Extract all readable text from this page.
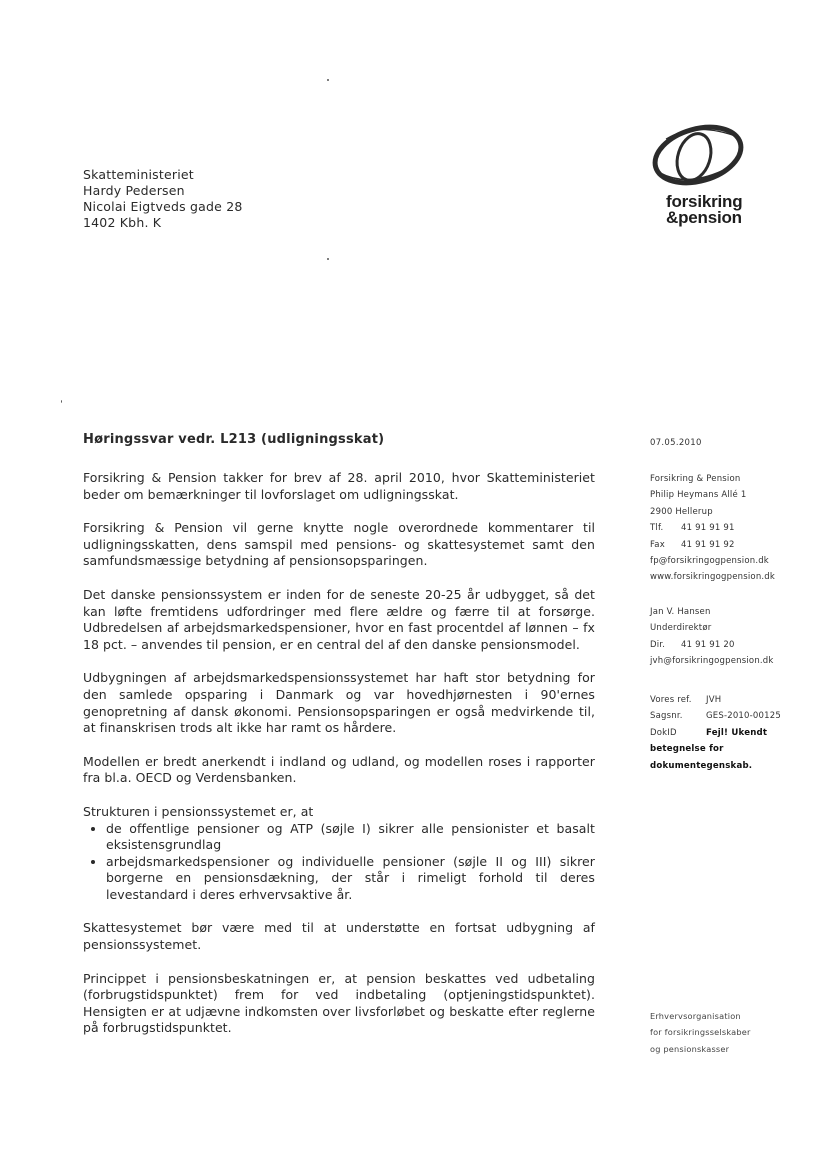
Skatteministeriet
Hardy Pedersen
Nicolai Eigtveds gade 28
1402 Kbh. K
forsikring
&pension
Høringssvar vedr. L213 (udligningsskat)	07.05.2010

Forsikring & Pension takker for brev af 28. april 2010, hvor Skatteministeriet beder om bemærkninger til lovforslaget om udligningsskat.

Forsikring & Pension vil gerne knytte nogle overordnede kommentarer til udligningsskatten, dens samspil med pensions- og skattesystemet samt den samfundsmæssige betydning af pensionsopsparingen.

Det danske pensionssystem er inden for de seneste 20-25 år udbygget, så det kan løfte fremtidens udfordringer med flere ældre og færre til at forsørge. Udbredelsen af arbejdsmarkedspensioner, hvor en fast procentdel af lønnen – fx 18 pct. – anvendes til pension, er en central del af den danske pensionsmodel.

Udbygningen af arbejdsmarkedspensionssystemet har haft stor betydning for den samlede opsparing i Danmark og var hovedhjørnesten i 90'ernes genopretning af dansk økonomi. Pensionsopsparingen er også medvirkende til, at finanskrisen trods alt ikke har ramt os hårdere.

Modellen er bredt anerkendt i indland og udland, og modellen roses i rapporter fra bl.a. OECD og Verdensbanken.

Strukturen i pensionssystemet er, at

• de offentlige pensioner og ATP (søjle I) sikrer alle pensionister et basalt eksistensgrundlag
• arbejdsmarkedspensioner og individuelle pensioner (søjle II og III) sikrer borgerne en pensionsdækning, der står i rimeligt forhold til deres levestandard i deres erhvervsaktive år.

Skattesystemet bør være med til at understøtte en fortsat udbygning af pensionssystemet.

Princippet i pensionsbeskatningen er, at pension beskattes ved udbetaling (forbrugstidspunktet) frem for ved indbetaling (optjeningstidspunktet). Hensigten er at udjævne indkomsten over livsforløbet og beskatte efter reglerne på forbrugstidspunktet.

Forsikring & Pension
Philip Heymans Allé 1
2900 Hellerup
Tlf.	41 91 91 91
Fax	41 91 91 92
fp@forsikringogpension.dk
www.forsikringogpension.dk
Jan V. Hansen
Underdirektør
Dir.	41 91 91 20
jvh@forsikringogpension.dk
Vores ref.	JVH
Sagsnr.	GES-2010-00125
DokID	Fejl! Ukendt
betegnelse for
dokumentegenskab.
Erhvervsorganisation
for forsikringsselskaber
og pensionskasser
